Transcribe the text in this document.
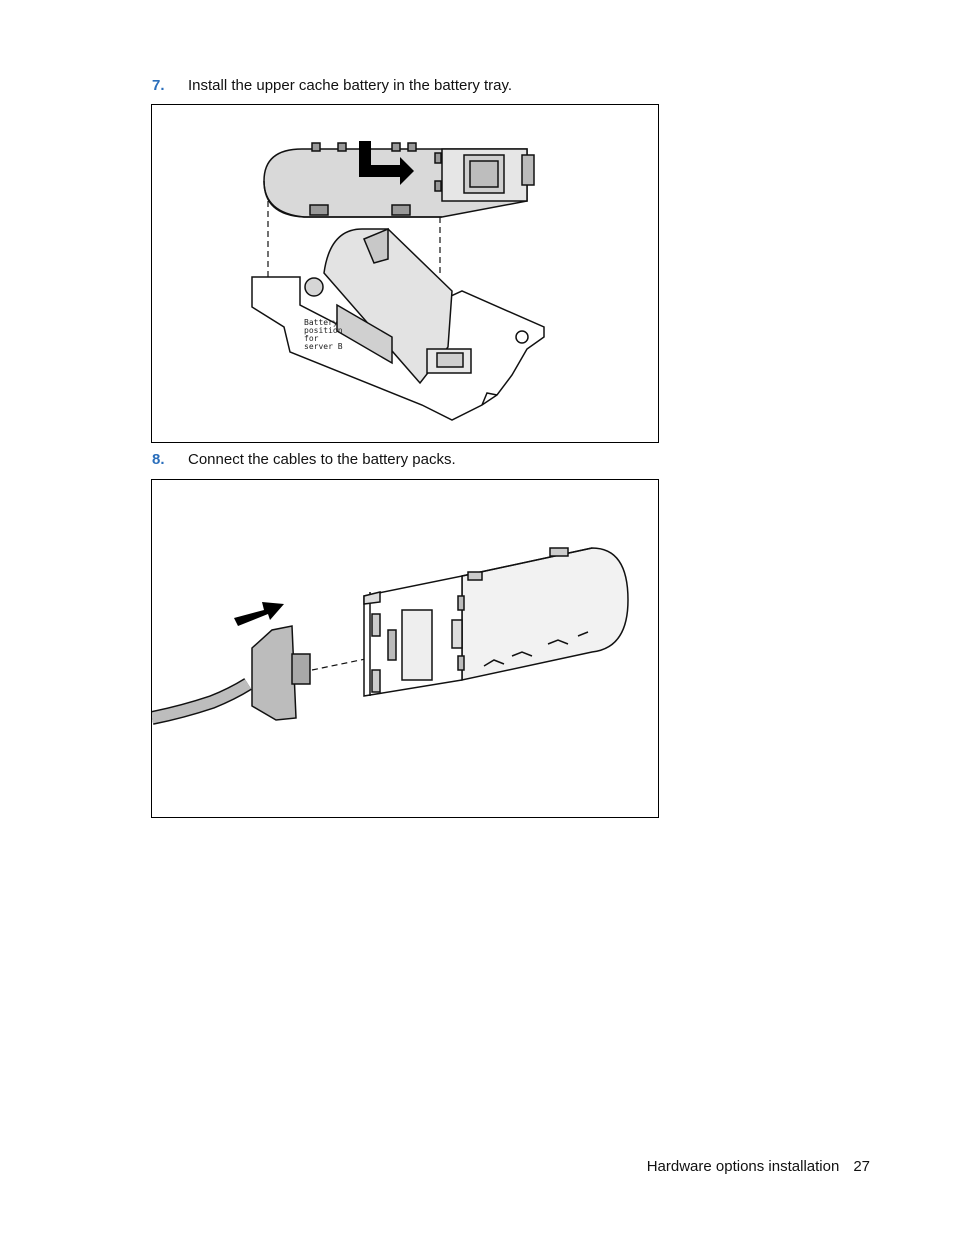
7. Install the upper cache battery in the battery tray.
Battery
position
for
server B
8. Connect the cables to the battery packs.
Hardware options installation 27
